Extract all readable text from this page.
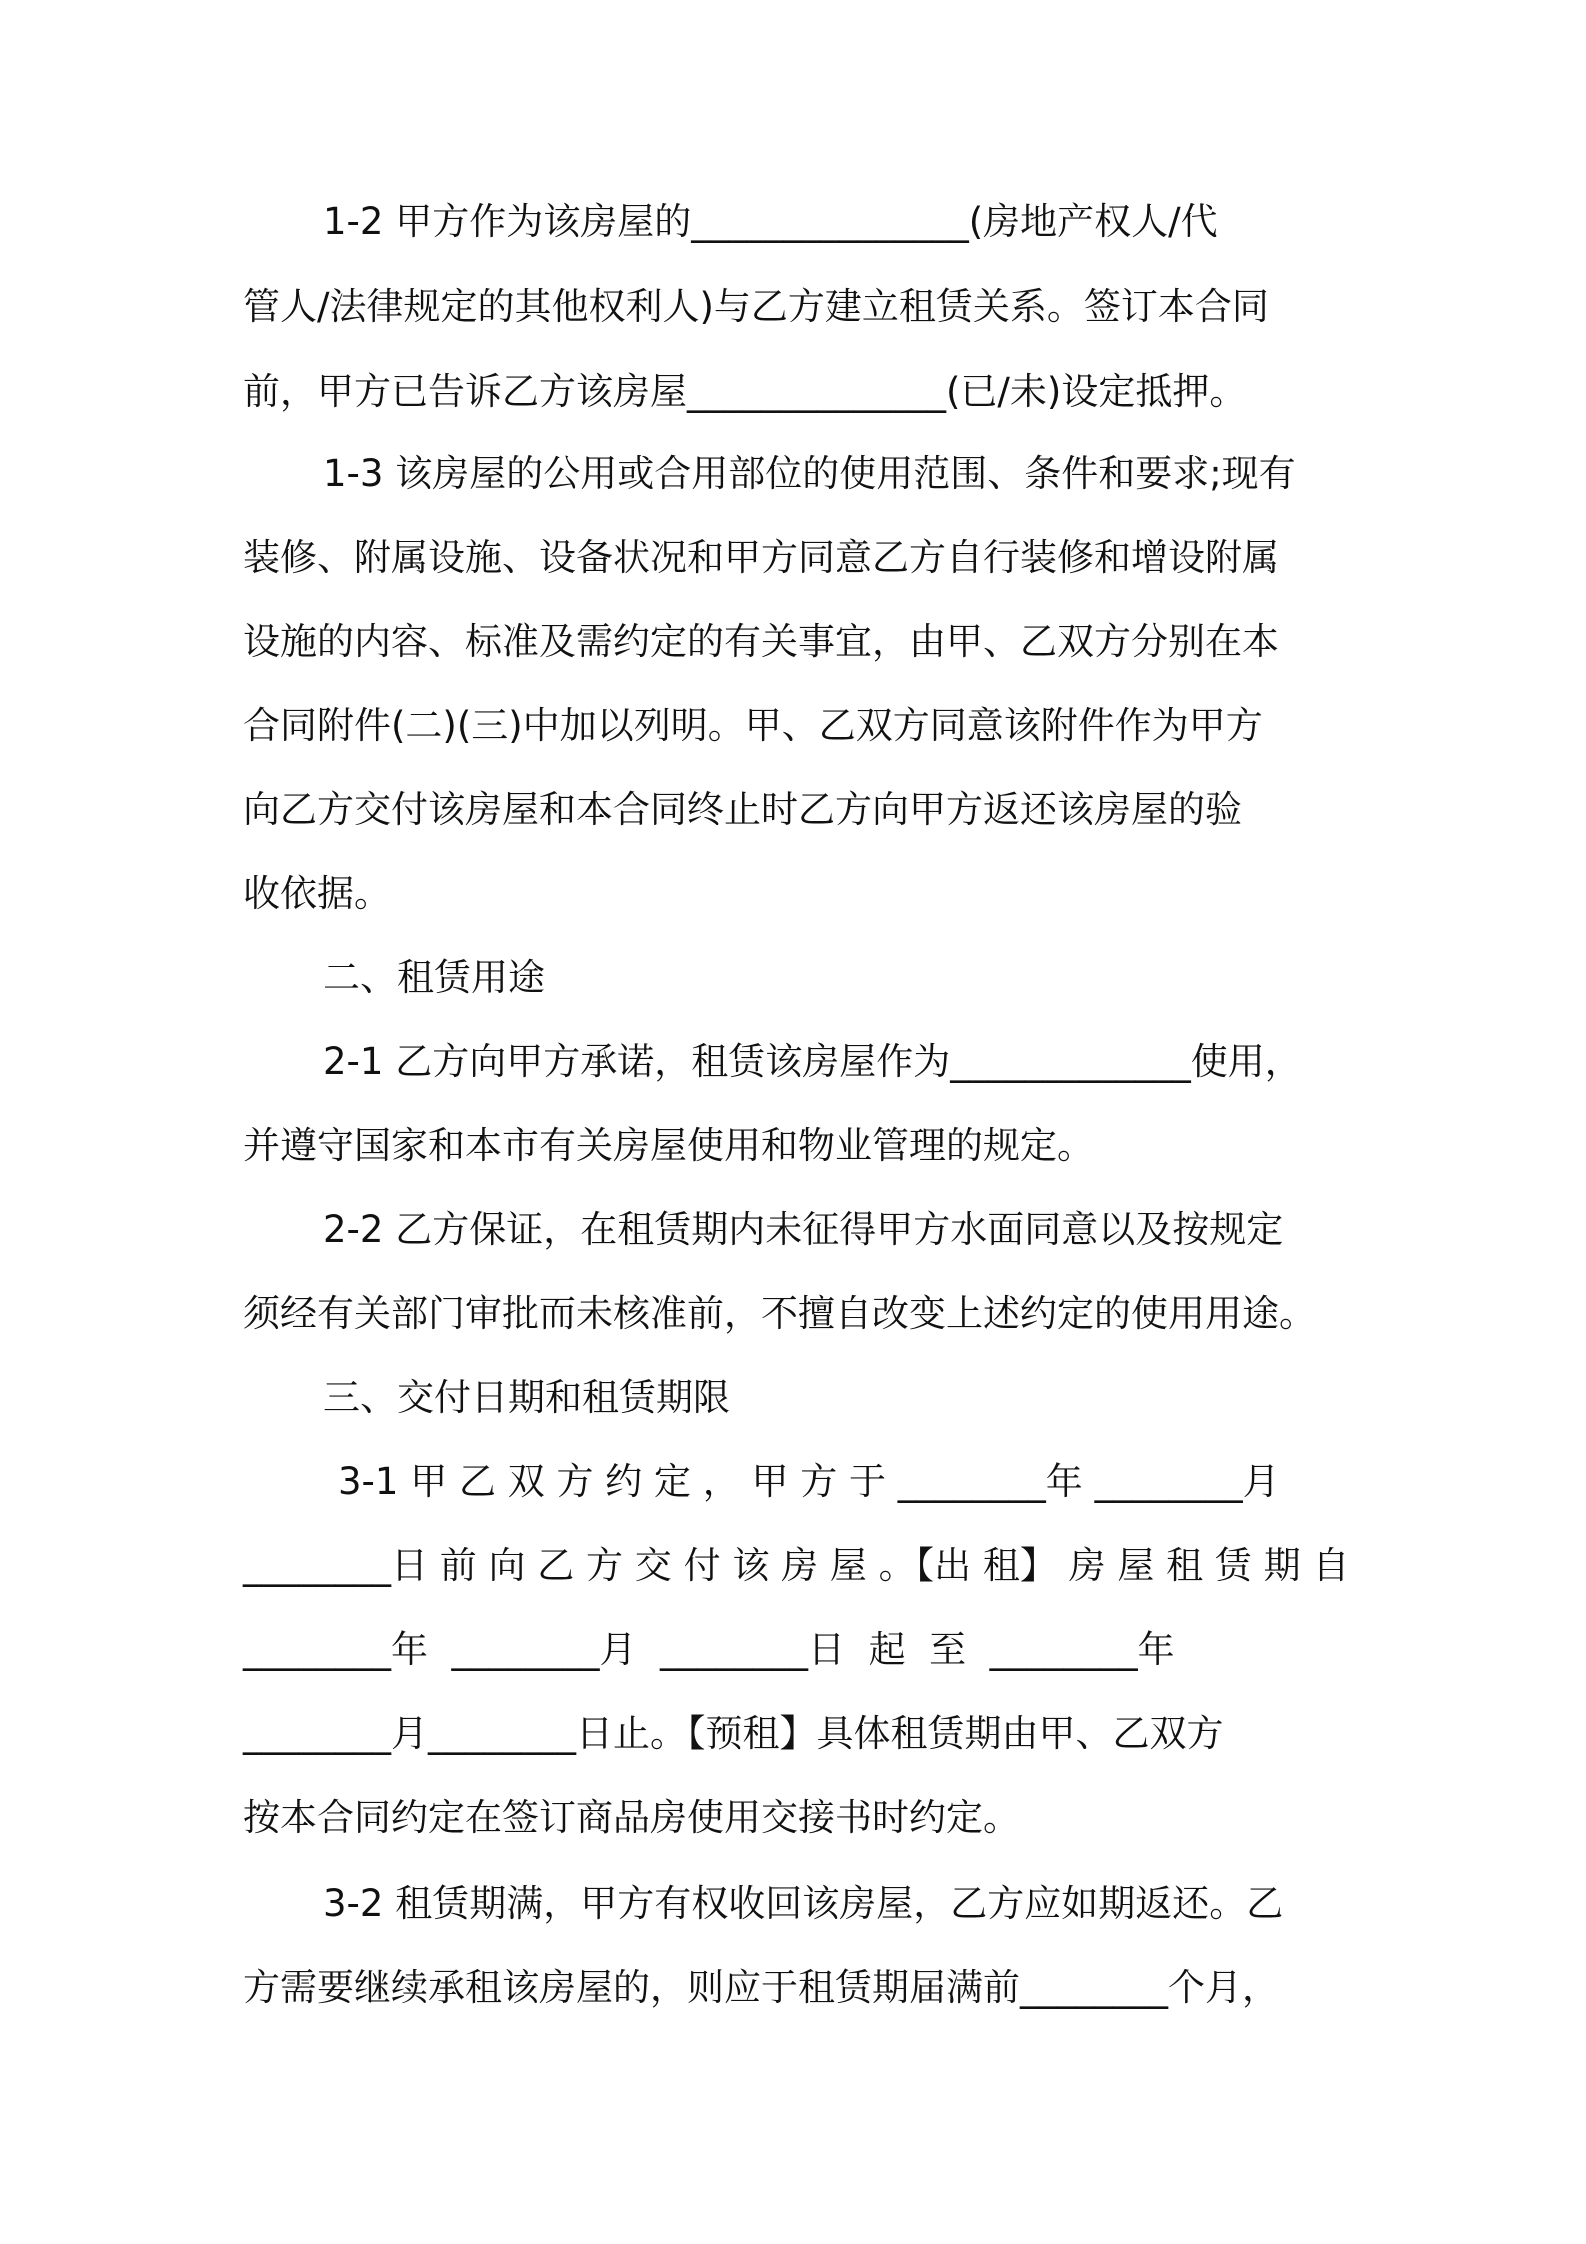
1-2 甲方作为该房屋的_______________(房地产权人/代
管人/法律规定的其他权利人)与乙方建立租赁关系。签订本合同
前，甲方已告诉乙方该房屋______________(已/未)设定抵押。
1-3 该房屋的公用或合用部位的使用范围、条件和要求;现有
装修、附属设施、设备状况和甲方同意乙方自行装修和增设附属
设施的内容、标准及需约定的有关事宜，由甲、乙双方分别在本
合同附件(二)(三)中加以列明。甲、乙双方同意该附件作为甲方
向乙方交付该房屋和本合同终止时乙方向甲方返还该房屋的验
收依据。
二、租赁用途
2-1 乙方向甲方承诺，租赁该房屋作为_____________使用，
并遵守国家和本市有关房屋使用和物业管理的规定。
2-2 乙方保证，在租赁期内未征得甲方水面同意以及按规定
须经有关部门审批而未核准前，不擅自改变上述约定的使用用途。
三、交付日期和租赁期限
3-1 甲 乙 双 方 约 定 ， 甲 方 于 ________年 ________月
________日 前 向 乙 方 交 付 该 房 屋 。【出 租】 房 屋 租 赁 期 自
________年  ________月  ________日  起  至  ________年
________月________日止。【预租】具体租赁期由甲、乙双方
按本合同约定在签订商品房使用交接书时约定。
3-2 租赁期满，甲方有权收回该房屋，乙方应如期返还。乙
方需要继续承租该房屋的，则应于租赁期届满前________个月，
